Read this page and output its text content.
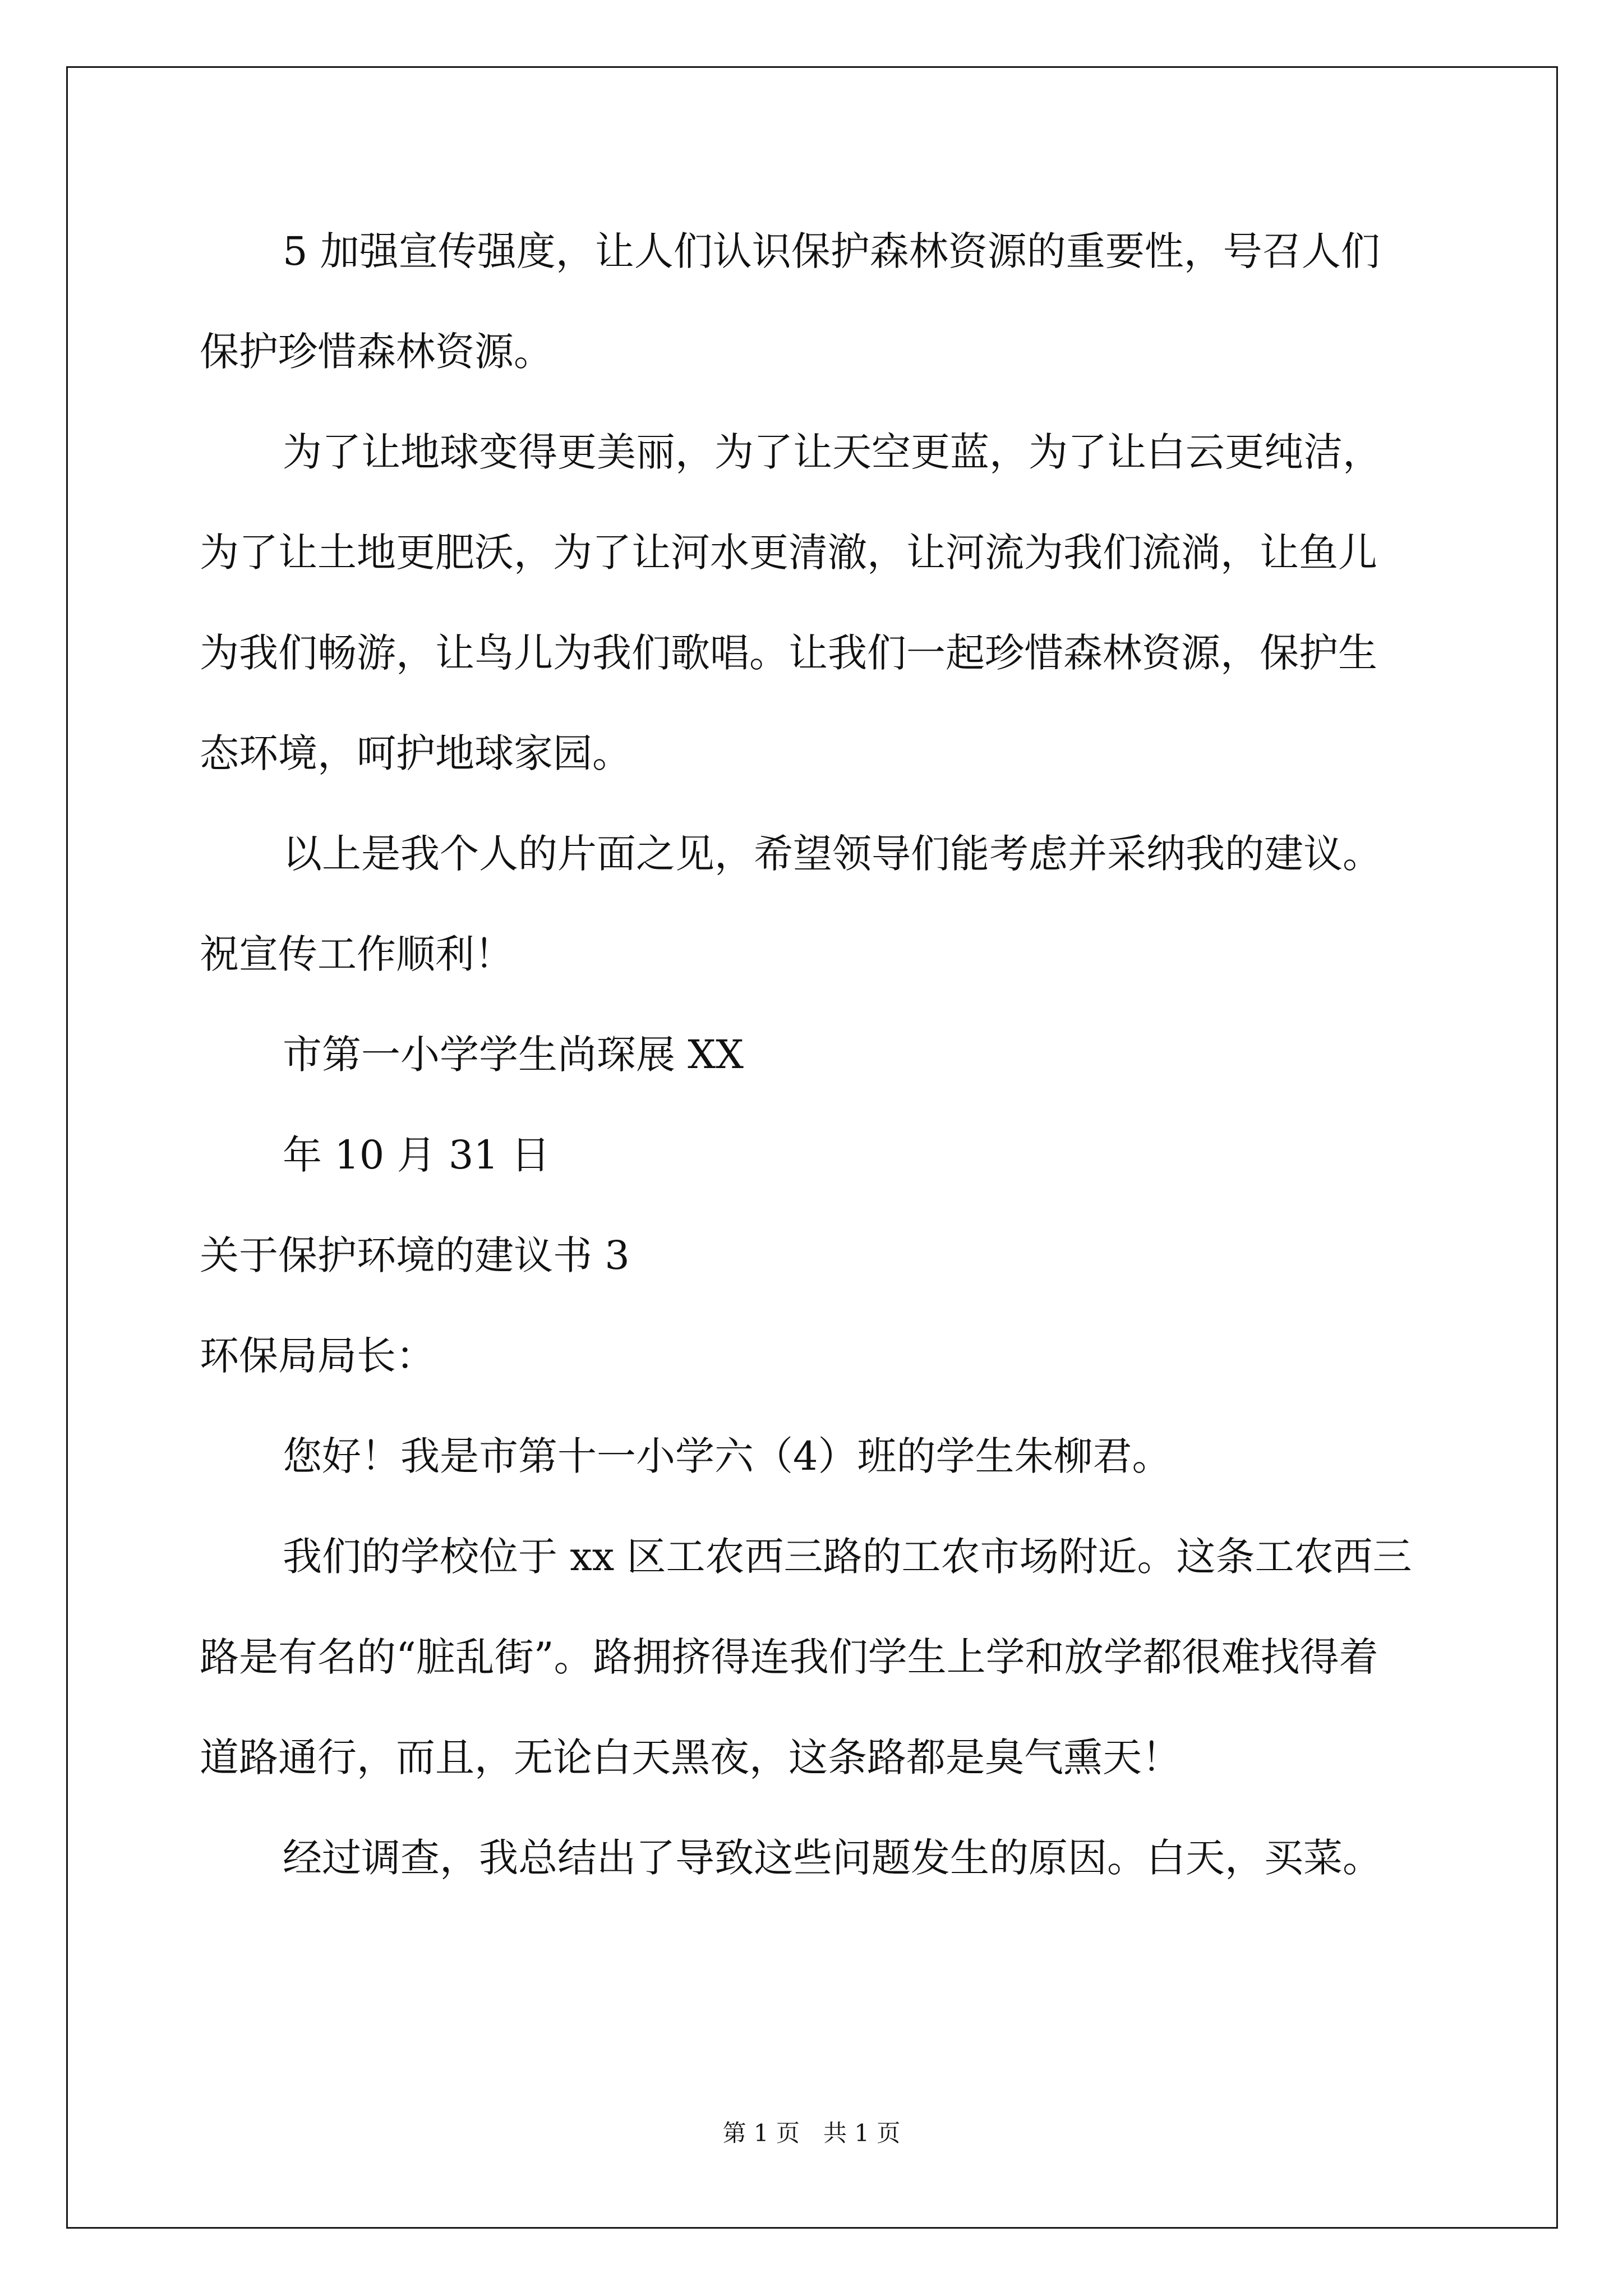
5 加强宣传强度，让人们认识保护森林资源的重要性，号召人们
保护珍惜森林资源。
为了让地球变得更美丽，为了让天空更蓝，为了让白云更纯洁，
为了让土地更肥沃，为了让河水更清澈，让河流为我们流淌，让鱼儿
为我们畅游，让鸟儿为我们歌唱。让我们一起珍惜森林资源，保护生
态环境，呵护地球家园。
以上是我个人的片面之见，希望领导们能考虑并采纳我的建议。
祝宣传工作顺利！
市第一小学学生尚琛展 XX
年 10 月 31 日
关于保护环境的建议书 3
环保局局长：
您好！我是市第十一小学六（4）班的学生朱柳君。
我们的学校位于 xx 区工农西三路的工农市场附近。这条工农西三
路是有名的“脏乱街”。路拥挤得连我们学生上学和放学都很难找得着
道路通行，而且，无论白天黑夜，这条路都是臭气熏天！
经过调查，我总结出了导致这些问题发生的原因。白天，买菜。
第 1 页　共 1 页
